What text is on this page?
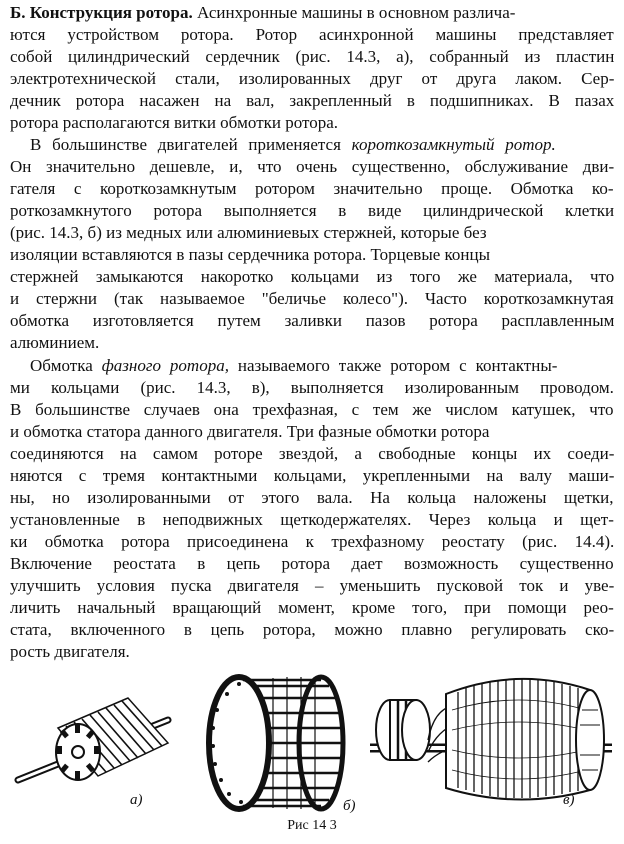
Б. Конструкция ротора. Асинхронные машины в основном различа-
ются устройством ротора. Ротор асинхронной машины представляет
собой цилиндрический сердечник (рис. 14.3, а), собранный из пластин
электротехнической стали, изолированных друг от друга лаком. Сер-
дечник ротора насажен на вал, закрепленный в подшипниках. В пазах
ротора располагаются витки обмотки ротора.
В большинстве двигателей применяется короткозамкнутый ротор.
Он значительно дешевле, и, что очень существенно, обслуживание дви-
гателя с короткозамкнутым ротором значительно проще. Обмотка ко-
роткозамкнутого ротора выполняется в виде цилиндрической клетки
(рис. 14.3, б) из медных или алюминиевых стержней, которые без
изоляции вставляются в пазы сердечника ротора. Торцевые концы
стержней замыкаются накоротко кольцами из того же материала, что
и стержни (так называемое "беличье колесо"). Часто короткозамкнутая
обмотка изготовляется путем заливки пазов ротора расплавленным
алюминием.
Обмотка фазного ротора, называемого также ротором с контактны-
ми кольцами (рис. 14.3, в), выполняется изолированным проводом.
В большинстве случаев она трехфазная, с тем же числом катушек, что
и обмотка статора данного двигателя. Три фазные обмотки ротора
соединяются на самом роторе звездой, а свободные концы их соеди-
няются с тремя контактными кольцами, укрепленными на валу маши-
ны, но изолированными от этого вала. На кольца наложены щетки,
установленные в неподвижных щеткодержателях. Через кольца и щет-
ки обмотка ротора присоединена к трехфазному реостату (рис. 14.4).
Включение реостата в цепь ротора дает возможность существенно
улучшить условия пуска двигателя – уменьшить пусковой ток и уве-
личить начальный вращающий момент, кроме того, при помощи рео-
стата, включенного в цепь ротора, можно плавно регулировать ско-
рость двигателя.
а)	б)	в)
Рис 14 3
